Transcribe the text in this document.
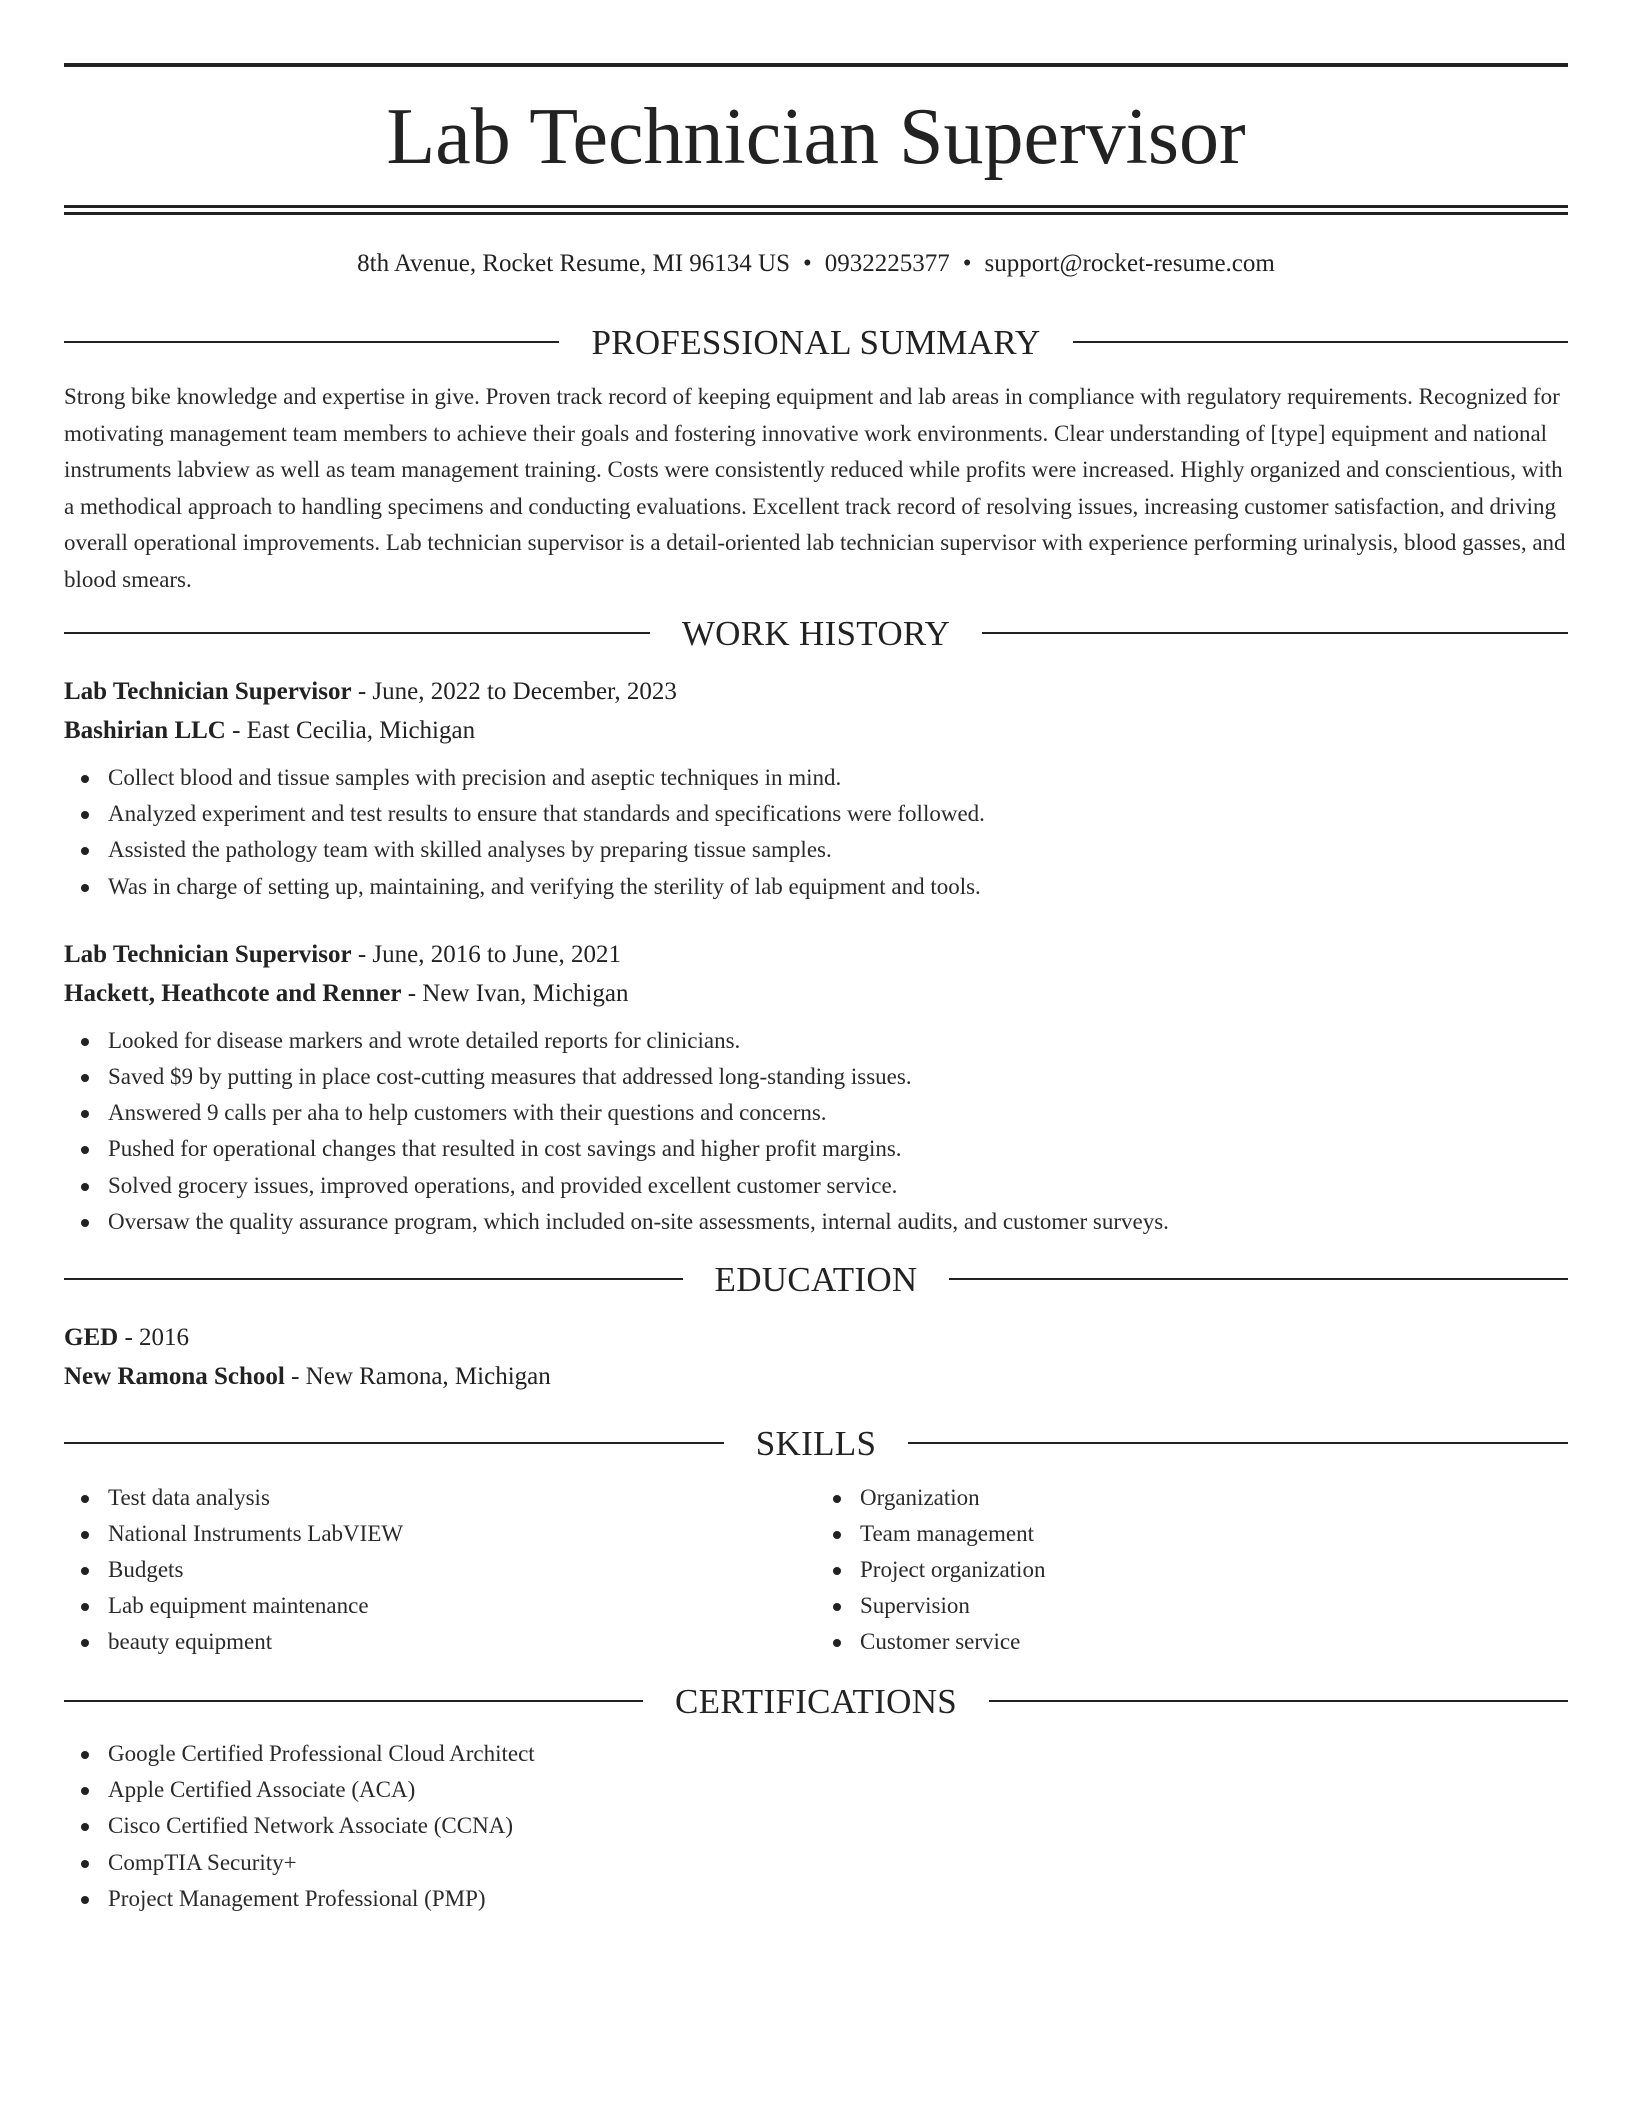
Lab Technician Supervisor
8th Avenue, Rocket Resume, MI 96134 US • 0932225377 • support@rocket-resume.com
PROFESSIONAL SUMMARY

Strong bike knowledge and expertise in give. Proven track record of keeping equipment and lab areas in compliance with regulatory requirements. Recognized for motivating management team members to achieve their goals and fostering innovative work environments. Clear understanding of [type] equipment and national instruments labview as well as team management training. Costs were consistently reduced while profits were increased. Highly organized and conscientious, with a methodical approach to handling specimens and conducting evaluations. Excellent track record of resolving issues, increasing customer satisfaction, and driving overall operational improvements. Lab technician supervisor is a detail-oriented lab technician supervisor with experience performing urinalysis, blood gasses, and blood smears.

WORK HISTORY
Lab Technician Supervisor - June, 2022 to December, 2023
Bashirian LLC - East Cecilia, Michigan
Collect blood and tissue samples with precision and aseptic techniques in mind.
Analyzed experiment and test results to ensure that standards and specifications were followed.
Assisted the pathology team with skilled analyses by preparing tissue samples.
Was in charge of setting up, maintaining, and verifying the sterility of lab equipment and tools.
Lab Technician Supervisor - June, 2016 to June, 2021
Hackett, Heathcote and Renner - New Ivan, Michigan
Looked for disease markers and wrote detailed reports for clinicians.
Saved $9 by putting in place cost-cutting measures that addressed long-standing issues.
Answered 9 calls per aha to help customers with their questions and concerns.
Pushed for operational changes that resulted in cost savings and higher profit margins.
Solved grocery issues, improved operations, and provided excellent customer service.
Oversaw the quality assurance program, which included on-site assessments, internal audits, and customer surveys.
EDUCATION
GED - 2016
New Ramona School - New Ramona, Michigan
SKILLS
Test data analysis
National Instruments LabVIEW
Budgets
Lab equipment maintenance
beauty equipment
Organization
Team management
Project organization
Supervision
Customer service
CERTIFICATIONS
Google Certified Professional Cloud Architect
Apple Certified Associate (ACA)
Cisco Certified Network Associate (CCNA)
CompTIA Security+
Project Management Professional (PMP)
